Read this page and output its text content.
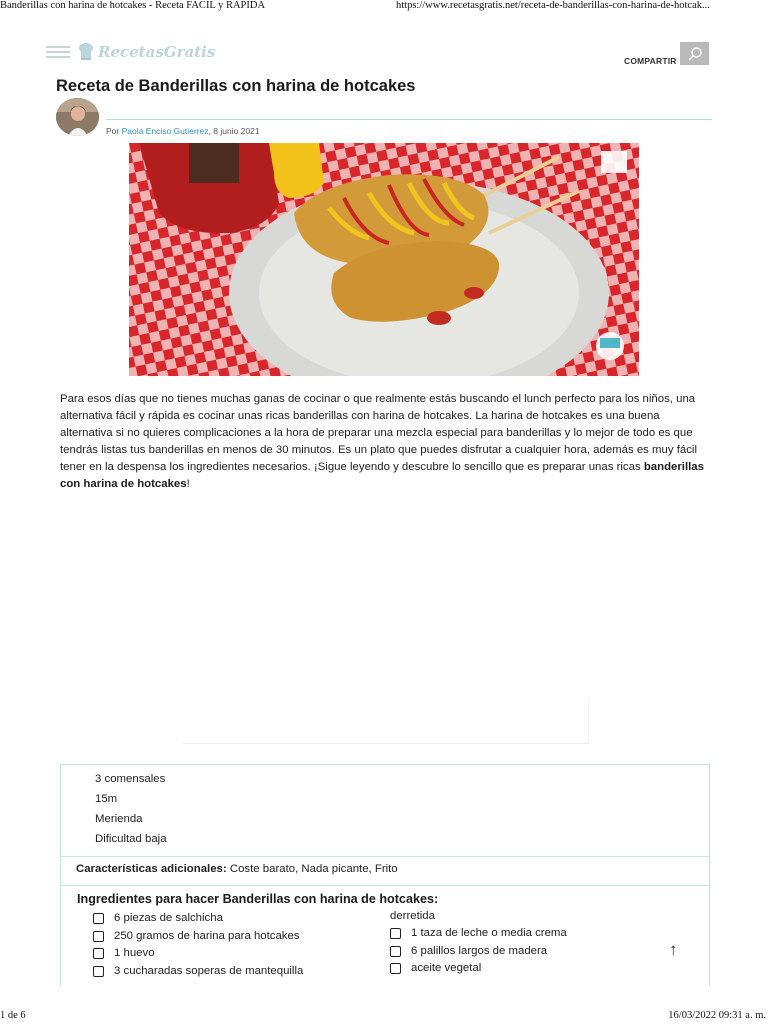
Banderillas con harina de hotcakes - Receta FACIL y RAPIDA	https://www.recetasgratis.net/receta-de-banderillas-con-harina-de-hotcak...
RecetasGratis	COMPARTIR
Receta de Banderillas con harina de hotcakes
Por Paola Enciso Gutierrez, 8 junio 2021

Para esos días que no tienes muchas ganas de cocinar o que realmente estás buscando el lunch perfecto para los niños, una alternativa fácil y rápida es cocinar unas ricas banderillas con harina de hotcakes. La harina de hotcakes es una buena alternativa si no quieres complicaciones a la hora de preparar una mezcla especial para banderillas y lo mejor de todo es que tendrás listas tus banderillas en menos de 30 minutos. Es un plato que puedes disfrutar a cualquier hora, además es muy fácil tener en la despensa los ingredientes necesarios. ¡Sigue leyendo y descubre lo sencillo que es preparar unas ricas banderillas con harina de hotcakes!

3 comensales
15m
Merienda
Dificultad baja
Características adicionales: Coste barato, Nada picante, Frito
Ingredientes para hacer Banderillas con harina de hotcakes:
6 piezas de salchicha
250 gramos de harina para hotcakes
1 huevo
3 cucharadas soperas de mantequilla
derretida
1 taza de leche o media crema
6 palillos largos de madera
aceite vegetal
↑
1 de 6	16/03/2022 09:31 a. m.
